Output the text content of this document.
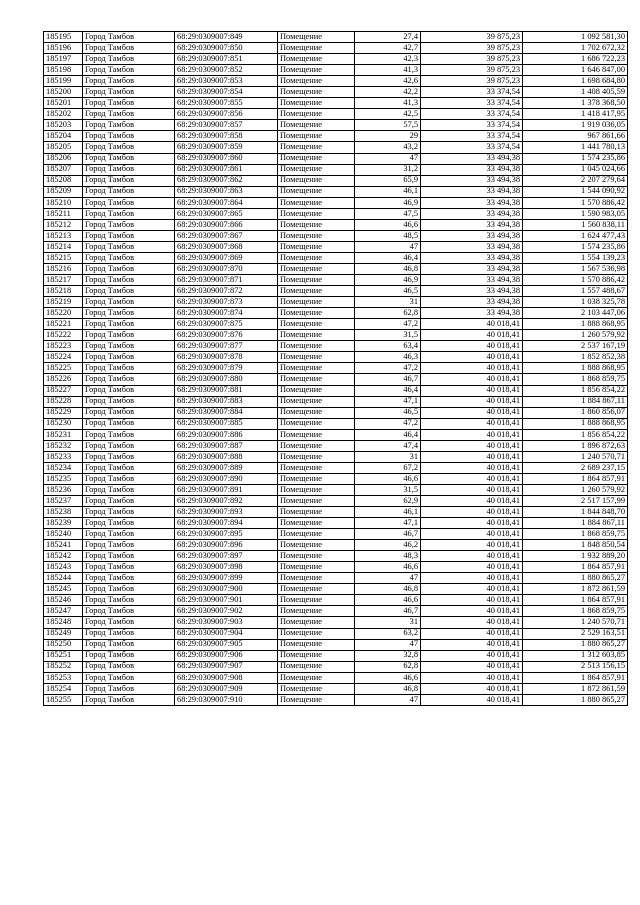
185195	Город Тамбов	68:29:0309007:849	Помещение	27,4	39 875,23	1 092 581,30
185196	Город Тамбов	68:29:0309007:850	Помещение	42,7	39 875,23	1 702 672,32
185197	Город Тамбов	68:29:0309007:851	Помещение	42,3	39 875,23	1 686 722,23
185198	Город Тамбов	68:29:0309007:852	Помещение	41,3	39 875,23	1 646 847,00
185199	Город Тамбов	68:29:0309007:853	Помещение	42,6	39 875,23	1 698 684,80
185200	Город Тамбов	68:29:0309007:854	Помещение	42,2	33 374,54	1 408 405,59
185201	Город Тамбов	68:29:0309007:855	Помещение	41,3	33 374,54	1 378 368,50
185202	Город Тамбов	68:29:0309007:856	Помещение	42,5	33 374,54	1 418 417,95
185203	Город Тамбов	68:29:0309007:857	Помещение	57,5	33 374,54	1 919 036,05
185204	Город Тамбов	68:29:0309007:858	Помещение	29	33 374,54	967 861,66
185205	Город Тамбов	68:29:0309007:859	Помещение	43,2	33 374,54	1 441 780,13
185206	Город Тамбов	68:29:0309007:860	Помещение	47	33 494,38	1 574 235,86
185207	Город Тамбов	68:29:0309007:861	Помещение	31,2	33 494,38	1 045 024,66
185208	Город Тамбов	68:29:0309007:862	Помещение	65,9	33 494,38	2 207 279,64
185209	Город Тамбов	68:29:0309007:863	Помещение	46,1	33 494,38	1 544 090,92
185210	Город Тамбов	68:29:0309007:864	Помещение	46,9	33 494,38	1 570 886,42
185211	Город Тамбов	68:29:0309007:865	Помещение	47,5	33 494,38	1 590 983,05
185212	Город Тамбов	68:29:0309007:866	Помещение	46,6	33 494,38	1 560 838,11
185213	Город Тамбов	68:29:0309007:867	Помещение	48,5	33 494,38	1 624 477,43
185214	Город Тамбов	68:29:0309007:868	Помещение	47	33 494,38	1 574 235,86
185215	Город Тамбов	68:29:0309007:869	Помещение	46,4	33 494,38	1 554 139,23
185216	Город Тамбов	68:29:0309007:870	Помещение	46,8	33 494,38	1 567 536,98
185217	Город Тамбов	68:29:0309007:871	Помещение	46,9	33 494,38	1 570 886,42
185218	Город Тамбов	68:29:0309007:872	Помещение	46,5	33 494,38	1 557 488,67
185219	Город Тамбов	68:29:0309007:873	Помещение	31	33 494,38	1 038 325,78
185220	Город Тамбов	68:29:0309007:874	Помещение	62,8	33 494,38	2 103 447,06
185221	Город Тамбов	68:29:0309007:875	Помещение	47,2	40 018,41	1 888 868,95
185222	Город Тамбов	68:29:0309007:876	Помещение	31,5	40 018,41	1 260 579,92
185223	Город Тамбов	68:29:0309007:877	Помещение	63,4	40 018,41	2 537 167,19
185224	Город Тамбов	68:29:0309007:878	Помещение	46,3	40 018,41	1 852 852,38
185225	Город Тамбов	68:29:0309007:879	Помещение	47,2	40 018,41	1 888 868,95
185226	Город Тамбов	68:29:0309007:880	Помещение	46,7	40 018,41	1 868 859,75
185227	Город Тамбов	68:29:0309007:881	Помещение	46,4	40 018,41	1 856 854,22
185228	Город Тамбов	68:29:0309007:883	Помещение	47,1	40 018,41	1 884 867,11
185229	Город Тамбов	68:29:0309007:884	Помещение	46,5	40 018,41	1 860 856,07
185230	Город Тамбов	68:29:0309007:885	Помещение	47,2	40 018,41	1 888 868,95
185231	Город Тамбов	68:29:0309007:886	Помещение	46,4	40 018,41	1 856 854,22
185232	Город Тамбов	68:29:0309007:887	Помещение	47,4	40 018,41	1 896 872,63
185233	Город Тамбов	68:29:0309007:888	Помещение	31	40 018,41	1 240 570,71
185234	Город Тамбов	68:29:0309007:889	Помещение	67,2	40 018,41	2 689 237,15
185235	Город Тамбов	68:29:0309007:890	Помещение	46,6	40 018,41	1 864 857,91
185236	Город Тамбов	68:29:0309007:891	Помещение	31,5	40 018,41	1 260 579,92
185237	Город Тамбов	68:29:0309007:892	Помещение	62,9	40 018,41	2 517 157,99
185238	Город Тамбов	68:29:0309007:893	Помещение	46,1	40 018,41	1 844 848,70
185239	Город Тамбов	68:29:0309007:894	Помещение	47,1	40 018,41	1 884 867,11
185240	Город Тамбов	68:29:0309007:895	Помещение	46,7	40 018,41	1 868 859,75
185241	Город Тамбов	68:29:0309007:896	Помещение	46,2	40 018,41	1 848 850,54
185242	Город Тамбов	68:29:0309007:897	Помещение	48,3	40 018,41	1 932 889,20
185243	Город Тамбов	68:29:0309007:898	Помещение	46,6	40 018,41	1 864 857,91
185244	Город Тамбов	68:29:0309007:899	Помещение	47	40 018,41	1 880 865,27
185245	Город Тамбов	68:29:0309007:900	Помещение	46,8	40 018,41	1 872 861,59
185246	Город Тамбов	68:29:0309007:901	Помещение	46,6	40 018,41	1 864 857,91
185247	Город Тамбов	68:29:0309007:902	Помещение	46,7	40 018,41	1 868 859,75
185248	Город Тамбов	68:29:0309007:903	Помещение	31	40 018,41	1 240 570,71
185249	Город Тамбов	68:29:0309007:904	Помещение	63,2	40 018,41	2 529 163,51
185250	Город Тамбов	68:29:0309007:905	Помещение	47	40 018,41	1 880 865,27
185251	Город Тамбов	68:29:0309007:906	Помещение	32,8	40 018,41	1 312 603,85
185252	Город Тамбов	68:29:0309007:907	Помещение	62,8	40 018,41	2 513 156,15
185253	Город Тамбов	68:29:0309007:908	Помещение	46,6	40 018,41	1 864 857,91
185254	Город Тамбов	68:29:0309007:909	Помещение	46,8	40 018,41	1 872 861,59
185255	Город Тамбов	68:29:0309007:910	Помещение	47	40 018,41	1 880 865,27
